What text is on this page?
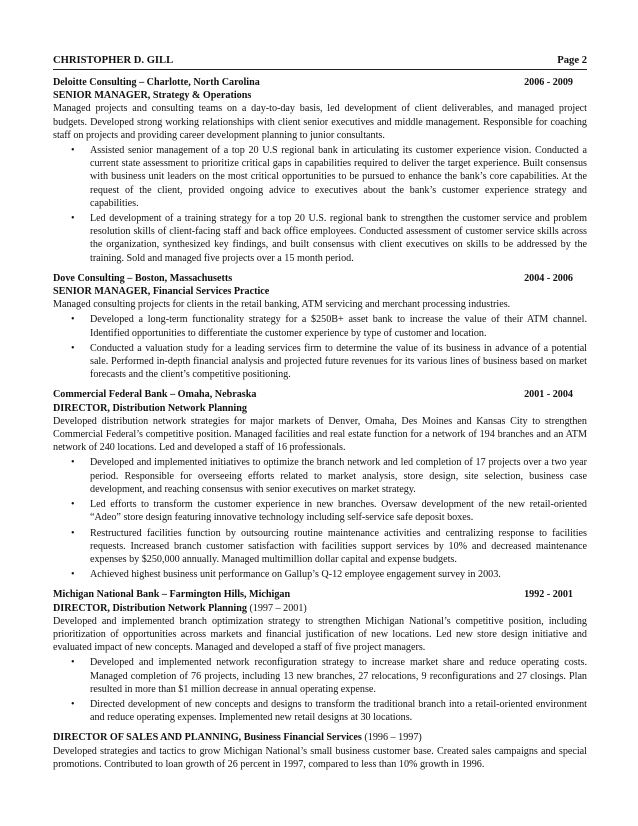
CHRISTOPHER D. GILL	Page 2
Deloitte Consulting – Charlotte, North Carolina	2006 - 2009
SENIOR MANAGER, Strategy & Operations

Managed projects and consulting teams on a day-to-day basis, led development of client deliverables, and managed project budgets. Developed strong working relationships with client senior executives and middle management. Responsible for coaching staff on projects and providing career development planning to junior consultants.

• Assisted senior management of a top 20 U.S regional bank in articulating its customer experience vision. Conducted a current state assessment to prioritize critical gaps in capabilities required to deliver the target experience. Built consensus with business unit leaders on the most critical opportunities to be pursued to enhance the bank’s core capabilities. At the request of the client, provided ongoing advice to executives about the bank’s customer experience strategy and capabilities.
• Led development of a training strategy for a top 20 U.S. regional bank to strengthen the customer service and problem resolution skills of client-facing staff and back office employees. Conducted assessment of customer service skills across the organization, synthesized key findings, and built consensus with client executives on skills to be addressed by the training. Sold and managed five projects over a 15 month period.
Dove Consulting – Boston, Massachusetts	2004 - 2006
SENIOR MANAGER, Financial Services Practice

Managed consulting projects for clients in the retail banking, ATM servicing and merchant processing industries.

• Developed a long-term functionality strategy for a $250B+ asset bank to increase the value of their ATM channel. Identified opportunities to differentiate the customer experience by type of customer and location.
• Conducted a valuation study for a leading services firm to determine the value of its business in advance of a potential sale. Performed in-depth financial analysis and projected future revenues for its various lines of business based on market forecasts and the client’s competitive positioning.
Commercial Federal Bank – Omaha, Nebraska	2001 - 2004
DIRECTOR, Distribution Network Planning

Developed distribution network strategies for major markets of Denver, Omaha, Des Moines and Kansas City to strengthen Commercial Federal’s competitive position. Managed facilities and real estate function for a network of 194 branches and an ATM network of 240 locations. Led and developed a staff of 16 professionals.

• Developed and implemented initiatives to optimize the branch network and led completion of 17 projects over a two year period. Responsible for overseeing efforts related to market analysis, store design, site selection, business case development, and reaching consensus with senior executives on market strategy.
• Led efforts to transform the customer experience in new branches. Oversaw development of the new retail-oriented “Adeo” store design featuring innovative technology including self-service safe deposit boxes.
• Restructured facilities function by outsourcing routine maintenance activities and centralizing response to facilities requests. Increased branch customer satisfaction with facilities support services by 10% and decreased maintenance expenses by $250,000 annually. Managed multimillion dollar capital and expense budgets.
• Achieved highest business unit performance on Gallup’s Q-12 employee engagement survey in 2003.
Michigan National Bank – Farmington Hills, Michigan	1992 - 2001
DIRECTOR, Distribution Network Planning (1997 – 2001)

Developed and implemented branch optimization strategy to strengthen Michigan National’s competitive position, including prioritization of opportunities across markets and financial justification of new locations. Led new store design initiative and evaluated impact of new concepts. Managed and developed a staff of five project managers.

• Developed and implemented network reconfiguration strategy to increase market share and reduce operating costs. Managed completion of 76 projects, including 13 new branches, 27 relocations, 9 reconfigurations and 27 closings. Plan resulted in more than $1 million decrease in annual operating expense.
• Directed development of new concepts and designs to transform the traditional branch into a retail-oriented environment and reduce operating expenses. Implemented new retail designs at 30 locations.
DIRECTOR OF SALES AND PLANNING, Business Financial Services (1996 – 1997)

Developed strategies and tactics to grow Michigan National’s small business customer base. Created sales campaigns and special promotions. Contributed to loan growth of 26 percent in 1997, compared to less than 10% growth in 1996.
